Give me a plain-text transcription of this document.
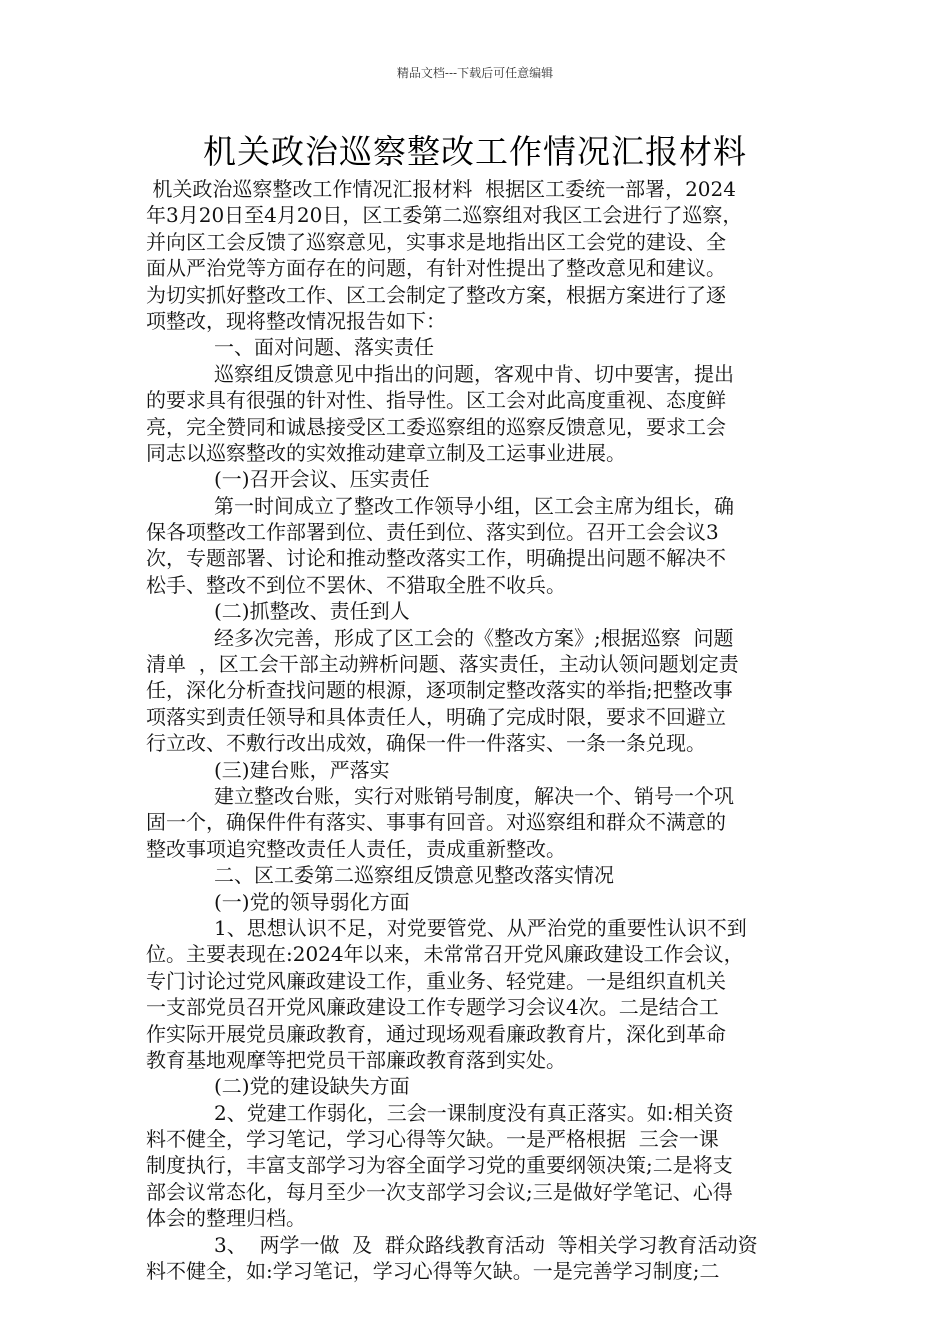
精品文档---下载后可任意编辑
机关政治巡察整改工作情况汇报材料
机关政治巡察整改工作情况汇报材料  根据区工委统一部署，2024
年3月20日至4月20日，区工委第二巡察组对我区工会进行了巡察，
并向区工会反馈了巡察意见，实事求是地指出区工会党的建设、全
面从严治党等方面存在的问题，有针对性提出了整改意见和建议。
为切实抓好整改工作、区工会制定了整改方案，根据方案进行了逐
项整改，现将整改情况报告如下：
一、面对问题、落实责任
巡察组反馈意见中指出的问题，客观中肯、切中要害，提出
的要求具有很强的针对性、指导性。区工会对此高度重视、态度鲜
亮，完全赞同和诚恳接受区工委巡察组的巡察反馈意见，要求工会
同志以巡察整改的实效推动建章立制及工运事业进展。
(一)召开会议、压实责任
第一时间成立了整改工作领导小组，区工会主席为组长，确
保各项整改工作部署到位、责任到位、落实到位。召开工会会议3
次，专题部署、讨论和推动整改落实工作，明确提出问题不解决不
松手、整改不到位不罢休、不猎取全胜不收兵。
(二)抓整改、责任到人
经多次完善，形成了区工会的《整改方案》;根据巡察  问题
清单  ，区工会干部主动辨析问题、落实责任，主动认领问题划定责
任，深化分析查找问题的根源，逐项制定整改落实的举指;把整改事
项落实到责任领导和具体责任人，明确了完成时限，要求不回避立
行立改、不敷行改出成效，确保一件一件落实、一条一条兑现。
(三)建台账，严落实
建立整改台账，实行对账销号制度，解决一个、销号一个巩
固一个，确保件件有落实、事事有回音。对巡察组和群众不满意的
整改事项追究整改责任人责任，责成重新整改。
二、区工委第二巡察组反馈意见整改落实情况
(一)党的领导弱化方面
1、思想认识不足，对党要管党、从严治党的重要性认识不到
位。主要表现在:2024年以来，未常常召开党风廉政建设工作会议，
专门讨论过党风廉政建设工作，重业务、轻党建。一是组织直机关
一支部党员召开党风廉政建设工作专题学习会议4次。二是结合工
作实际开展党员廉政教育，通过现场观看廉政教育片，深化到革命
教育基地观摩等把党员干部廉政教育落到实处。
(二)党的建设缺失方面
2、党建工作弱化，三会一课制度没有真正落实。如:相关资
料不健全，学习笔记，学习心得等欠缺。一是严格根据  三会一课
制度执行，丰富支部学习为容全面学习党的重要纲领决策;二是将支
部会议常态化，每月至少一次支部学习会议;三是做好学笔记、心得
体会的整理归档。
3、  两学一做  及  群众路线教育活动  等相关学习教育活动资
料不健全，如:学习笔记，学习心得等欠缺。一是完善学习制度;二
